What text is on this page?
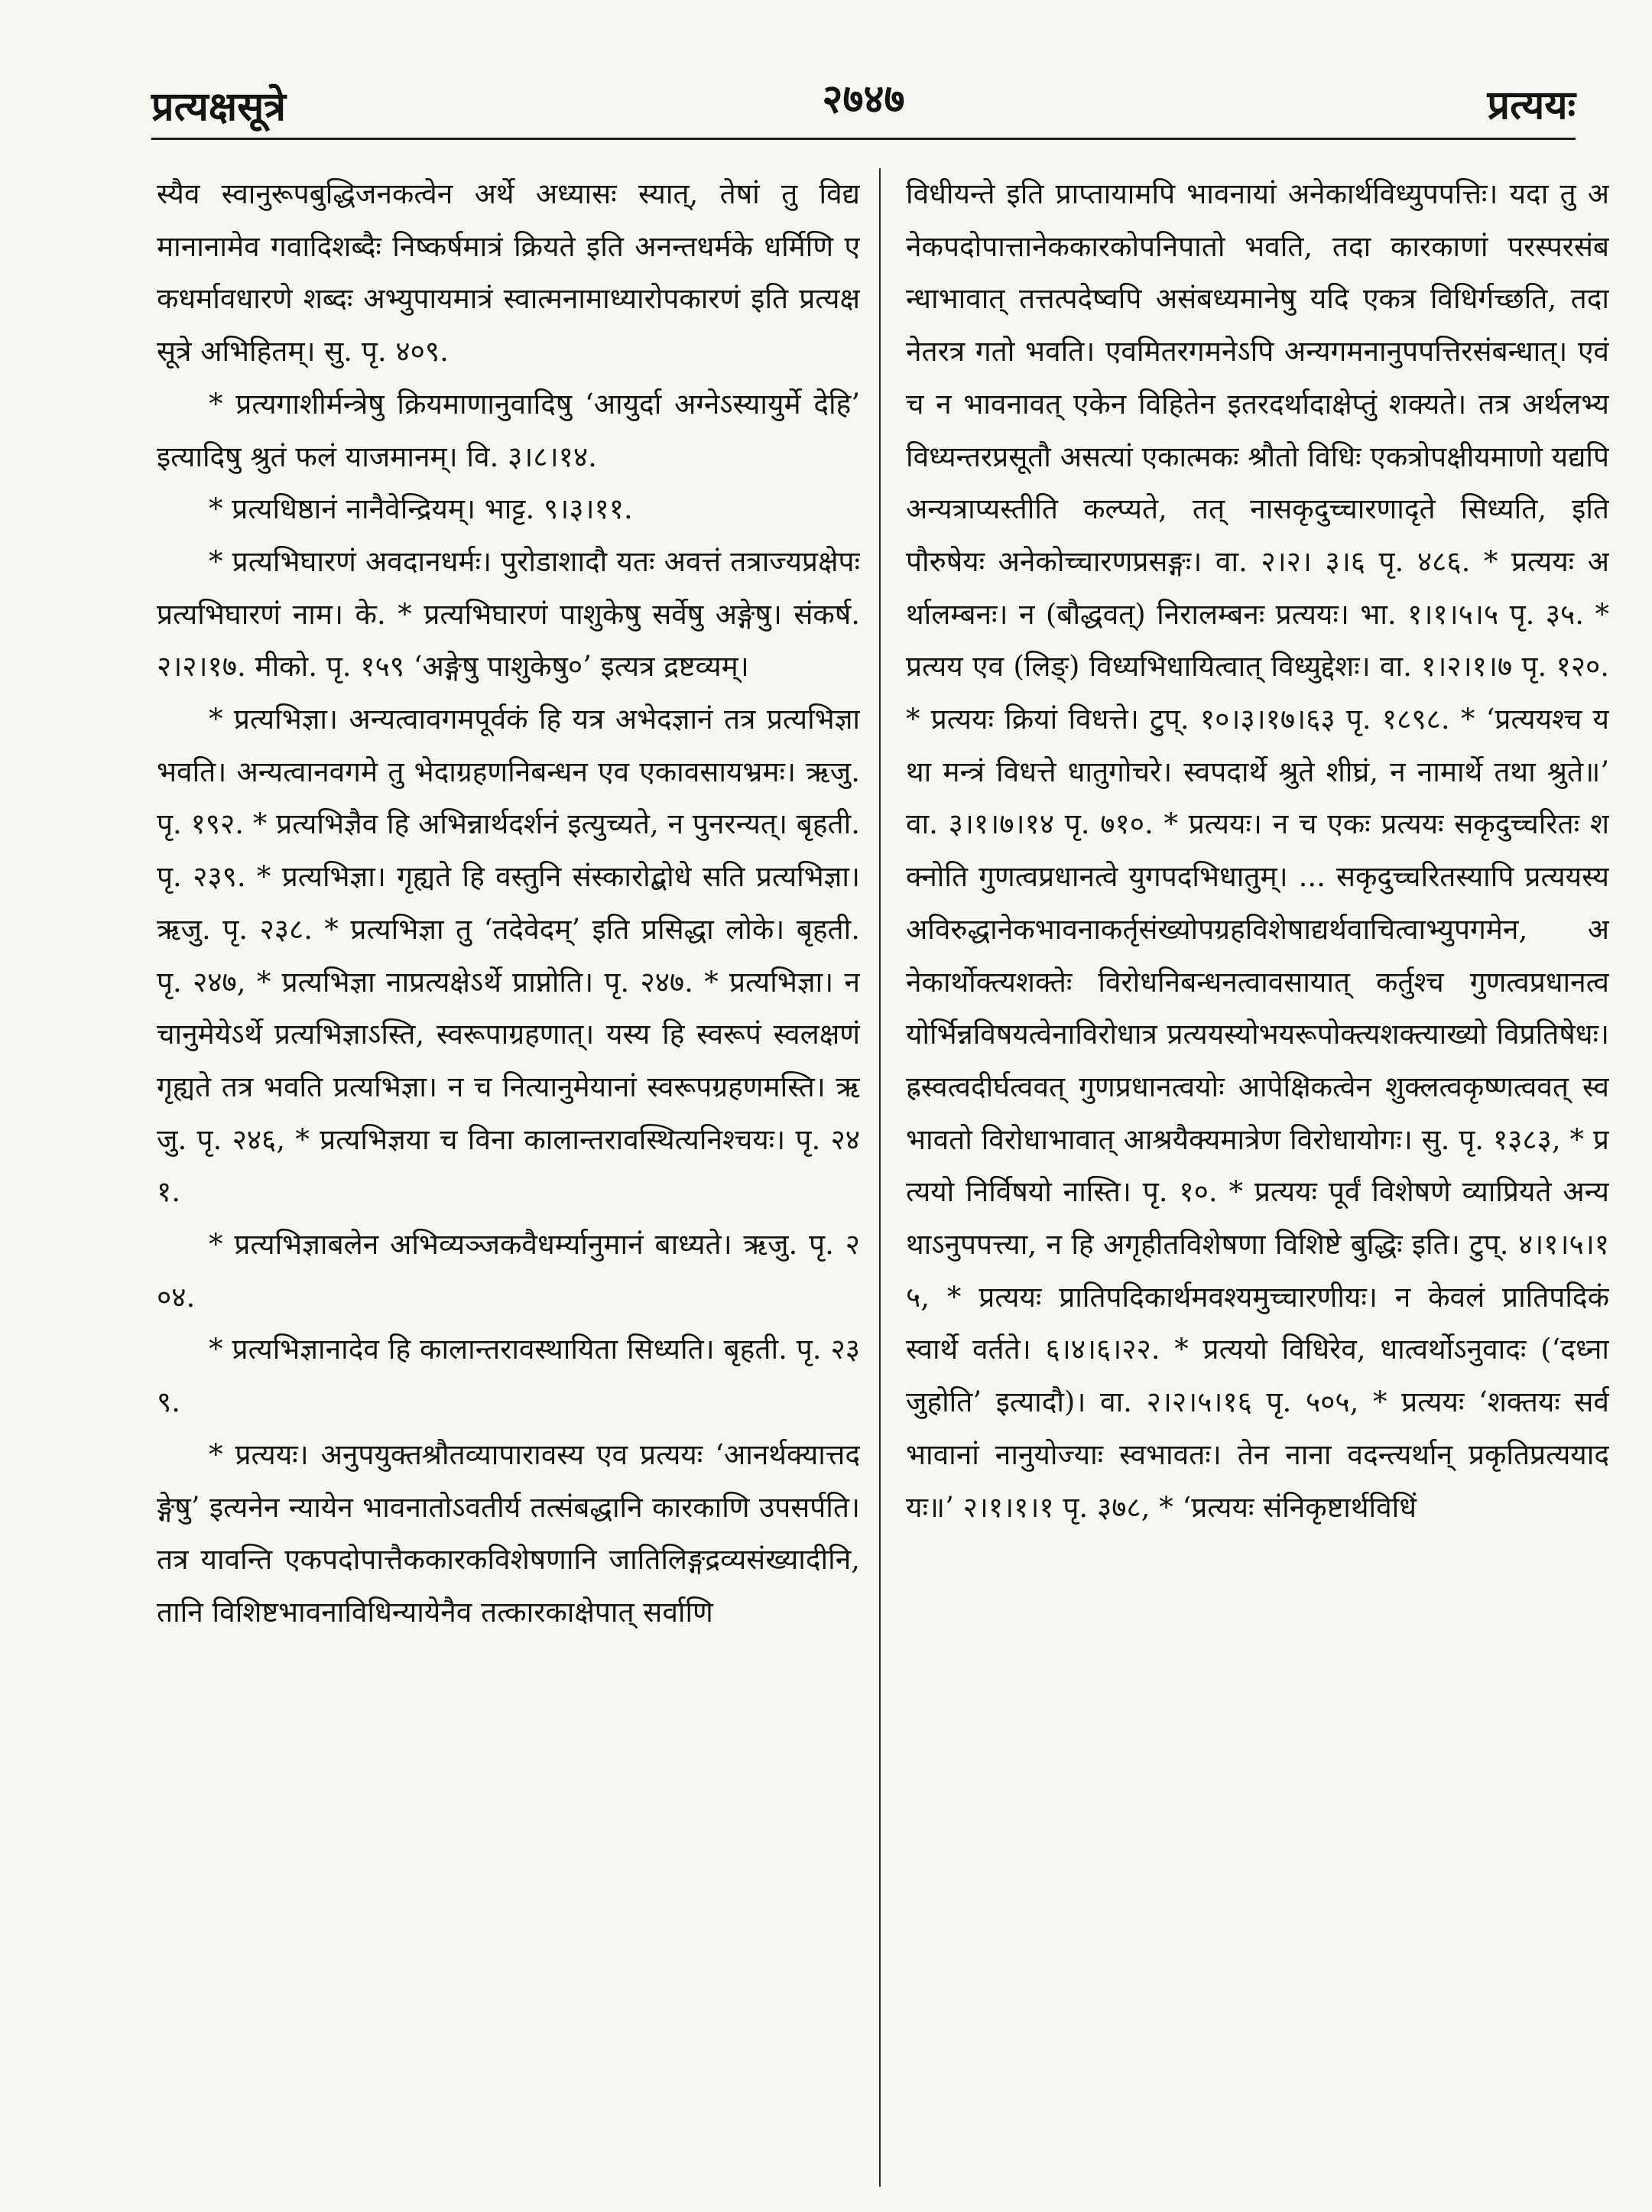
प्रत्यक्षसूत्रे	२७४७	प्रत्ययः

स्यैव स्वानुरूपबुद्धिजनकत्वेन अर्थे अध्यासः स्यात्, तेषां तु विद्यमानानामेव गवादिशब्दैः निष्कर्षमात्रं क्रियते इति अनन्तधर्मके धर्मिणि एकधर्मावधारणे शब्दः अभ्युपायमात्रं स्वात्मनामाध्यारोपकारणं इति प्रत्यक्षसूत्रे अभिहितम्। सु. पृ. ४०९.

* प्रत्यगाशीर्मन्त्रेषु क्रियमाणानुवादिषु ‘आयुर्दा अग्नेऽस्यायुर्मे देहि’ इत्यादिषु श्रुतं फलं याजमानम्। वि. ३।८।१४.

* प्रत्यधिष्ठानं नानैवेन्द्रियम्। भाट्ट. ९।३।११.

* प्रत्यभिघारणं अवदानधर्मः। पुरोडाशादौ यतः अवत्तं तत्राज्यप्रक्षेपः प्रत्यभिघारणं नाम। के. * प्रत्यभिघारणं पाशुकेषु सर्वेषु अङ्गेषु। संकर्ष. २।२।१७. मीको. पृ. १५९ ‘अङ्गेषु पाशुकेषु०’ इत्यत्र द्रष्टव्यम्।

* प्रत्यभिज्ञा। अन्यत्वावगमपूर्वकं हि यत्र अभेदज्ञानं तत्र प्रत्यभिज्ञा भवति। अन्यत्वानवगमे तु भेदाग्रहणनिबन्धन एव एकावसायभ्रमः। ऋजु. पृ. १९२. * प्रत्यभिज्ञैव हि अभिन्नार्थदर्शनं इत्युच्यते, न पुनरन्यत्। बृहती. पृ. २३९. * प्रत्यभिज्ञा। गृह्यते हि वस्तुनि संस्कारोद्बोधे सति प्रत्यभिज्ञा। ऋजु. पृ. २३८. * प्रत्यभिज्ञा तु ‘तदेवेदम्’ इति प्रसिद्धा लोके। बृहती. पृ. २४७, * प्रत्यभिज्ञा नाप्रत्यक्षेऽर्थे प्राप्नोति। पृ. २४७. * प्रत्यभिज्ञा। न चानुमेयेऽर्थे प्रत्यभिज्ञाऽस्ति, स्वरूपाग्रहणात्। यस्य हि स्वरूपं स्वलक्षणं गृह्यते तत्र भवति प्रत्यभिज्ञा। न च नित्यानुमेयानां स्वरूपग्रहणमस्ति। ऋजु. पृ. २४६, * प्रत्यभिज्ञया च विना कालान्तरावस्थित्यनिश्चयः। पृ. २४१.

* प्रत्यभिज्ञाबलेन अभिव्यञ्जकवैधर्म्यानुमानं बाध्यते। ऋजु. पृ. २०४.

* प्रत्यभिज्ञानादेव हि कालान्तरावस्थायिता सिध्यति। बृहती. पृ. २३९.

* प्रत्ययः। अनुपयुक्तश्रौतव्यापारावस्य एव प्रत्ययः ‘आनर्थक्यात्तदङ्गेषु’ इत्यनेन न्यायेन भावनातोऽवतीर्य तत्संबद्धानि कारकाणि उपसर्पति। तत्र यावन्ति एकपदोपात्तैककारकविशेषणानि जातिलिङ्गद्रव्यसंख्यादीनि, तानि विशिष्टभावनाविधिन्यायेनैव तत्कारकाक्षेपात् सर्वाणि

विधीयन्ते इति प्राप्तायामपि भावनायां अनेकार्थविध्युपपत्तिः। यदा तु अनेकपदोपात्तानेककारकोपनिपातो भवति, तदा कारकाणां परस्परसंबन्धाभावात् तत्तत्पदेष्वपि असंबध्यमानेषु यदि एकत्र विधिर्गच्छति, तदा नेतरत्र गतो भवति। एवमितरगमनेऽपि अन्यगमनानुपपत्तिरसंबन्धात्। एवं च न भावनावत् एकेन विहितेन इतरदर्थादाक्षेप्तुं शक्यते। तत्र अर्थलभ्यविध्यन्तरप्रसूतौ असत्यां एकात्मकः श्रौतो विधिः एकत्रोपक्षीयमाणो यद्यपि अन्यत्राप्यस्तीति कल्प्यते, तत् नासकृदुच्चारणादृते सिध्यति, इति पौरुषेयः अनेकोच्चारणप्रसङ्गः। वा. २।२। ३।६ पृ. ४८६. * प्रत्ययः अर्थालम्बनः। न (बौद्धवत्) निरालम्बनः प्रत्ययः। भा. १।१।५।५ पृ. ३५. * प्रत्यय एव (लिङ्) विध्यभिधायित्वात् विध्युद्देशः। वा. १।२।१।७ पृ. १२०. * प्रत्ययः क्रियां विधत्ते। टुप्. १०।३।१७।६३ पृ. १८९८. * ‘प्रत्ययश्च यथा मन्त्रं विधत्ते धातुगोचरे। स्वपदार्थे श्रुते शीघ्रं, न नामार्थे तथा श्रुते॥’ वा. ३।१।७।१४ पृ. ७१०. * प्रत्ययः। न च एकः प्रत्ययः सकृदुच्चरितः शक्नोति गुणत्वप्रधानत्वे युगपदभिधातुम्। ... सकृदुच्चरितस्यापि प्रत्ययस्य अविरुद्धानेकभावनाकर्तृसंख्योपग्रहविशेषाद्यर्थवाचित्वाभ्युपगमेन, अनेकार्थोक्त्यशक्तेः विरोधनिबन्धनत्वावसायात् कर्तुश्च गुणत्वप्रधानत्वयोर्भिन्नविषयत्वेनाविरोधात्र प्रत्ययस्योभयरूपोक्त्यशक्त्याख्यो विप्रतिषेधः। ह्रस्वत्वदीर्घत्ववत् गुणप्रधानत्वयोः आपेक्षिकत्वेन शुक्लत्वकृष्णत्ववत् स्वभावतो विरोधाभावात् आश्रयैक्यमात्रेण विरोधायोगः। सु. पृ. १३८३, * प्रत्ययो निर्विषयो नास्ति। पृ. १०. * प्रत्ययः पूर्वं विशेषणे व्याप्रियते अन्यथाऽनुपपत्त्या, न हि अगृहीतविशेषणा विशिष्टे बुद्धिः इति। टुप्. ४।१।५।१५, * प्रत्ययः प्रातिपदिकार्थमवश्यमुच्चारणीयः। न केवलं प्रातिपदिकं स्वार्थे वर्तते। ६।४।६।२२. * प्रत्ययो विधिरेव, धात्वर्थोऽनुवादः (‘दध्ना जुहोति’ इत्यादौ)। वा. २।२।५।१६ पृ. ५०५, * प्रत्ययः ‘शक्तयः सर्वभावानां नानुयोज्याः स्वभावतः। तेन नाना वदन्त्यर्थान् प्रकृतिप्रत्ययादयः॥’ २।१।१।१ पृ. ३७८, * ‘प्रत्ययः संनिकृष्टार्थविधिं
